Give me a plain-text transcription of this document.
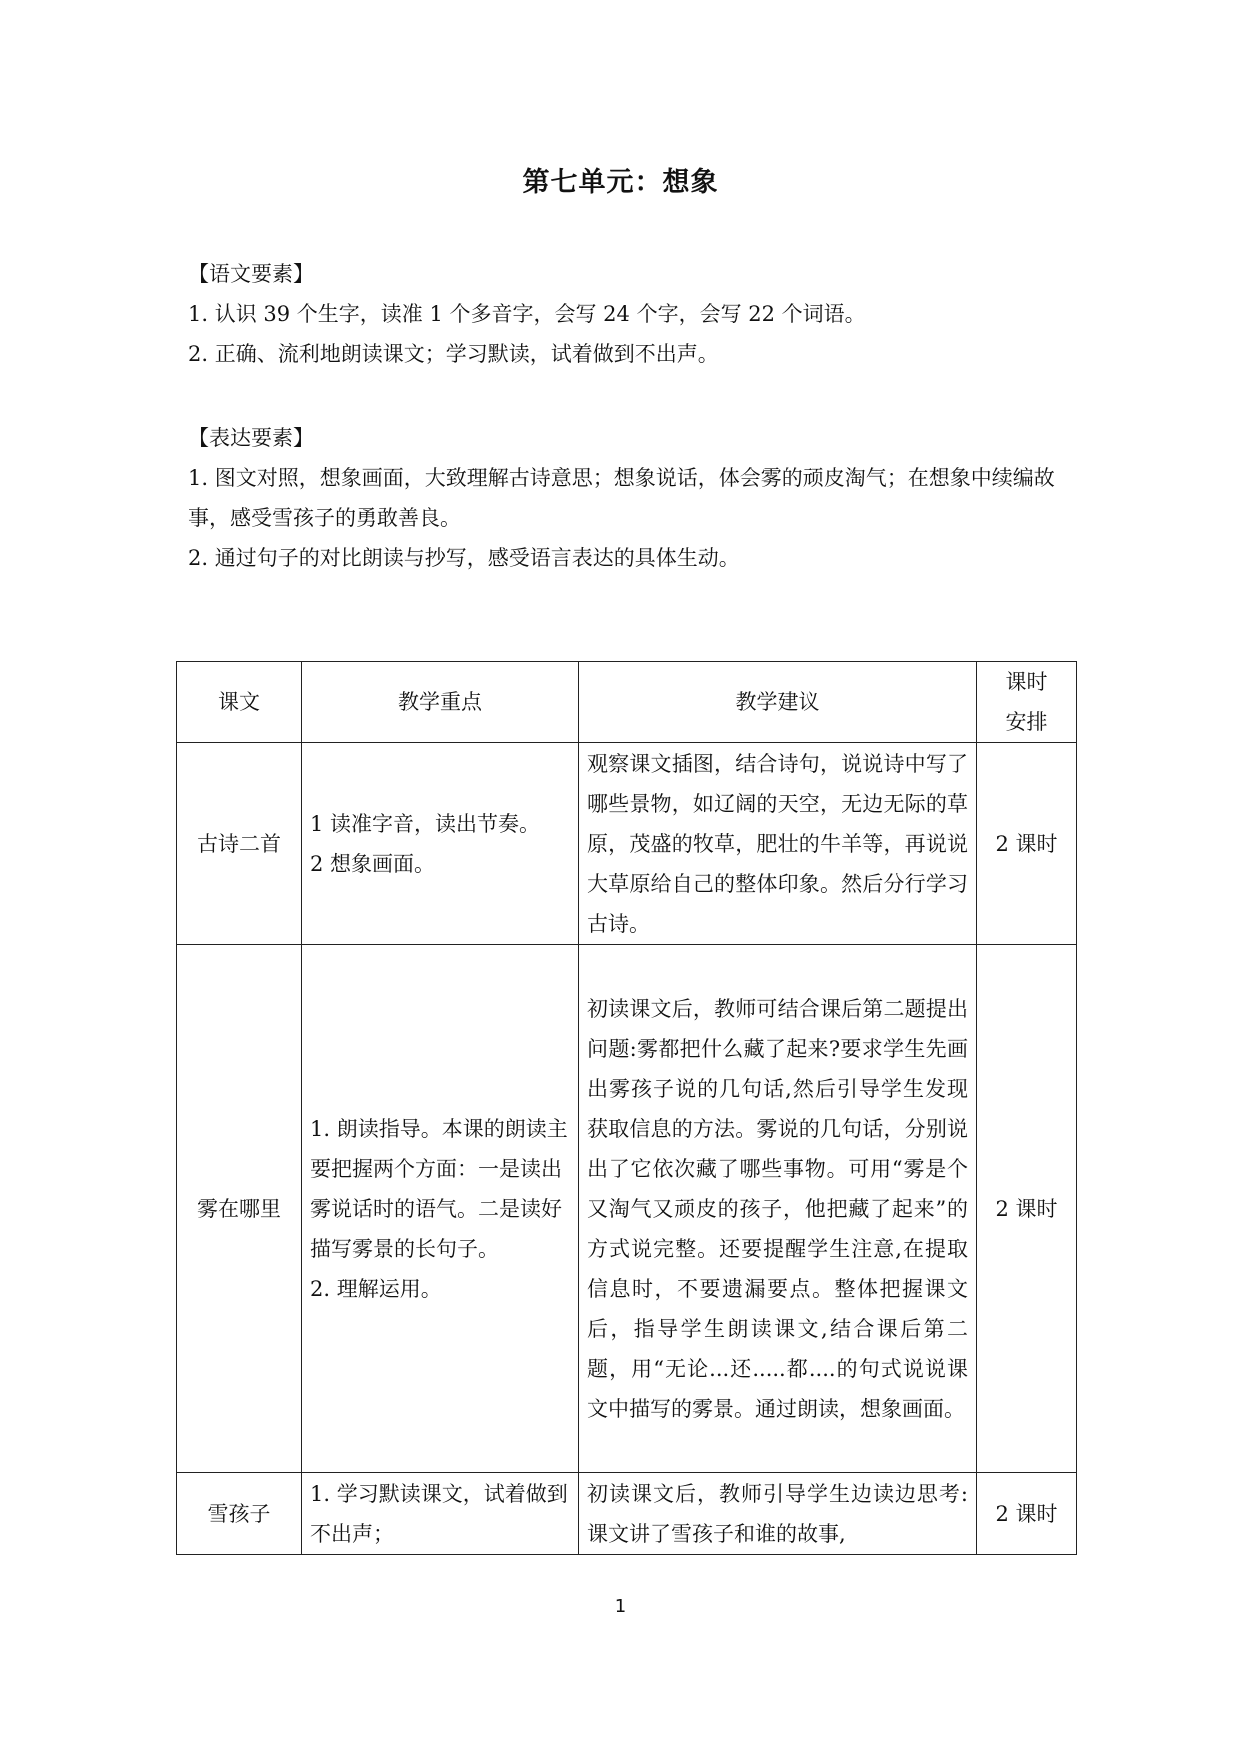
第七单元：想象

【语文要素】

1. 认识 39 个生字，读准 1 个多音字，会写 24 个字，会写 22 个词语。

2. 正确、流利地朗读课文；学习默读，试着做到不出声。

【表达要素】

1. 图文对照，想象画面，大致理解古诗意思；想象说话，体会雾的顽皮淘气；在想象中续编故事，感受雪孩子的勇敢善良。

2. 通过句子的对比朗读与抄写，感受语言表达的具体生动。

课文	教学重点	教学建议	课时
安排

古诗二首	1 读准字音，读出节奏。
2 想象画面。	观察课文插图，结合诗句，说说诗中写了哪些景物，如辽阔的天空，无边无际的草原，茂盛的牧草，肥壮的牛羊等，再说说大草原给自己的整体印象。然后分行学习古诗。	2 课时
雾在哪里	1. 朗读指导。本课的朗读主要把握两个方面：一是读出雾说话时的语气。二是读好描写雾景的长句子。
2. 理解运用。	初读课文后，教师可结合课后第二题提出问题:雾都把什么藏了起来?要求学生先画出雾孩子说的几句话,然后引导学生发现获取信息的方法。雾说的几句话，分别说出了它依次藏了哪些事物。可用“雾是个又淘气又顽皮的孩子，他把藏了起来”的方式说完整。还要提醒学生注意,在提取信息时，不要遗漏要点。整体把握课文后，指导学生朗读课文,结合课后第二题，用“无论...还.....都....的句式说说课文中描写的雾景。通过朗读，想象画面。	2 课时
雪孩子	1. 学习默读课文，试着做到不出声；	初读课文后，教师引导学生边读边思考:课文讲了雪孩子和谁的故事,	2 课时
1
